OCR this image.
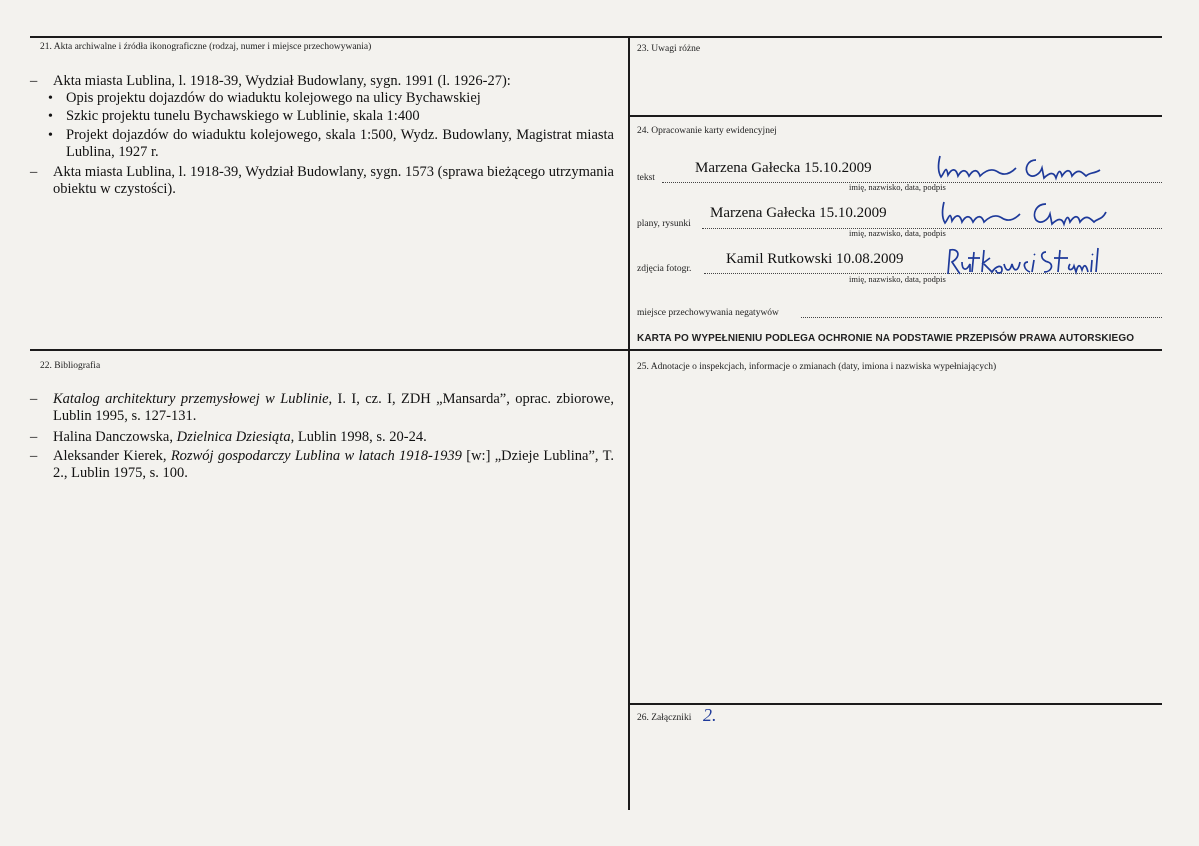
21. Akta archiwalne i źródła ikonograficzne (rodzaj, numer i miejsce przechowywania)
– Akta miasta Lublina, l. 1918-39, Wydział Budowlany, sygn. 1991 (l. 1926-27):
• Opis projektu dojazdów do wiaduktu kolejowego na ulicy Bychawskiej
• Szkic projektu tunelu Bychawskiego w Lublinie, skala 1:400
• Projekt dojazdów do wiaduktu kolejowego, skala 1:500, Wydz. Budowlany, Magistrat miasta Lublina, 1927 r.
– Akta miasta Lublina, l. 1918-39, Wydział Budowlany, sygn. 1573 (sprawa bieżącego utrzymania obiektu w czystości).
22. Bibliografia
– Katalog architektury przemysłowej w Lublinie, I. I, cz. I, ZDH „Mansarda”, oprac. zbiorowe, Lublin 1995, s. 127-131.
– Halina Danczowska, Dzielnica Dziesiąta, Lublin 1998, s. 20-24.
– Aleksander Kierek, Rozwój gospodarczy Lublina w latach 1918-1939 [w:] „Dzieje Lublina”, T. 2., Lublin 1975, s. 100.
23. Uwagi różne
24. Opracowanie karty ewidencyjnej
tekst
Marzena Gałecka 15.10.2009
imię, nazwisko, data, podpis
plany, rysunki
Marzena Gałecka 15.10.2009
imię, nazwisko, data, podpis
zdjęcia fotogr.
Kamil Rutkowski 10.08.2009
imię, nazwisko, data, podpis
miejsce przechowywania negatywów
KARTA PO WYPEŁNIENIU PODLEGA OCHRONIE NA PODSTAWIE PRZEPISÓW PRAWA AUTORSKIEGO
25. Adnotacje o inspekcjach, informacje o zmianach (daty, imiona i nazwiska wypełniających)
26. Załączniki 2.
